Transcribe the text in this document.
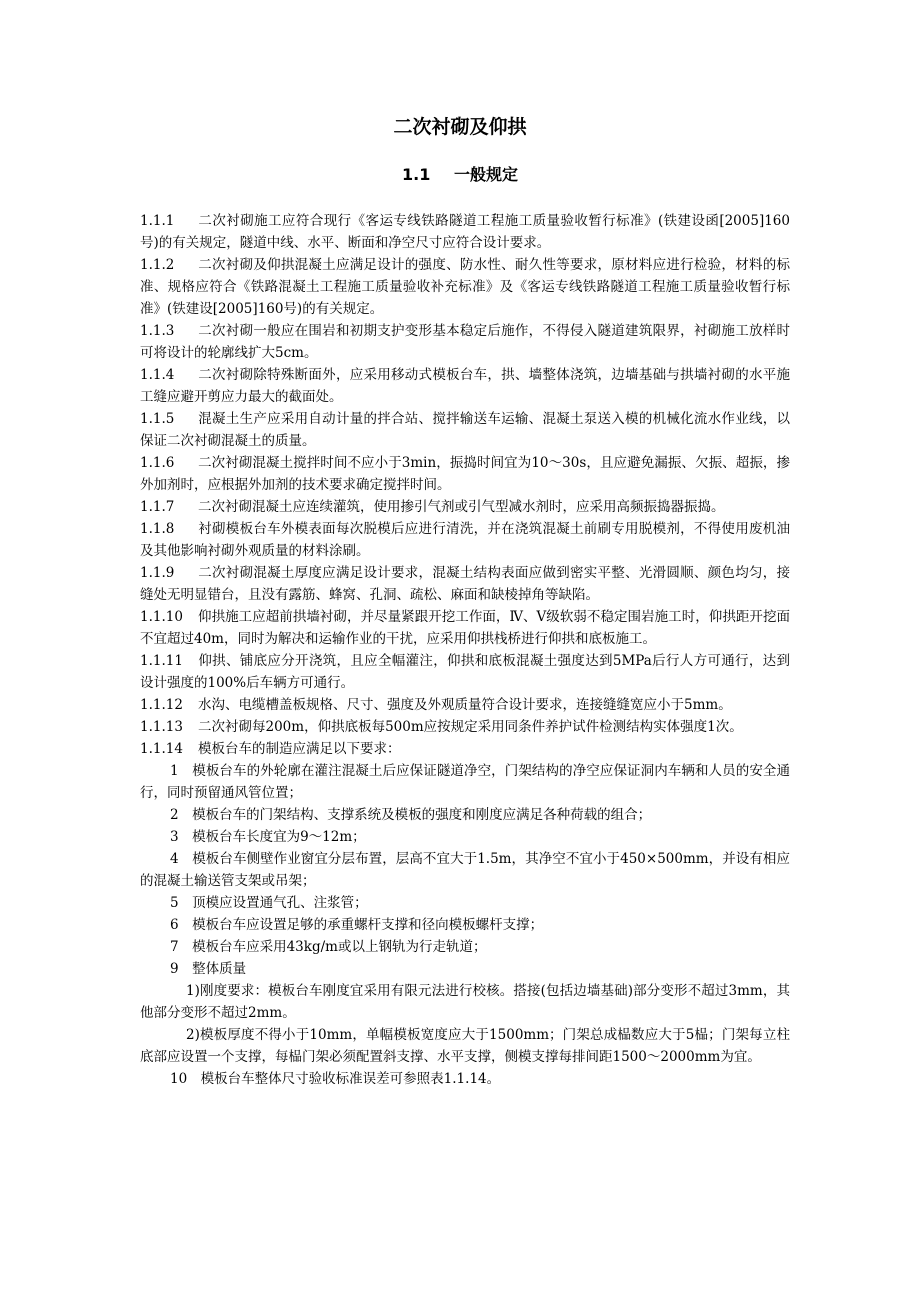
二次衬砌及仰拱
1.1 一般规定

1.1.1 二次衬砌施工应符合现行《客运专线铁路隧道工程施工质量验收暂行标准》(铁建设函[2005]160号)的有关规定，隧道中线、水平、断面和净空尺寸应符合设计要求。

1.1.2 二次衬砌及仰拱混凝土应满足设计的强度、防水性、耐久性等要求，原材料应进行检验，材料的标准、规格应符合《铁路混凝土工程施工质量验收补充标准》及《客运专线铁路隧道工程施工质量验收暂行标准》(铁建设[2005]160号)的有关规定。

1.1.3 二次衬砌一般应在围岩和初期支护变形基本稳定后施作，不得侵入隧道建筑限界，衬砌施工放样时可将设计的轮廓线扩大5cm。

1.1.4 二次衬砌除特殊断面外，应采用移动式模板台车，拱、墙整体浇筑，边墙基础与拱墙衬砌的水平施工缝应避开剪应力最大的截面处。

1.1.5 混凝土生产应采用自动计量的拌合站、搅拌输送车运输、混凝土泵送入模的机械化流水作业线，以保证二次衬砌混凝土的质量。

1.1.6 二次衬砌混凝土搅拌时间不应小于3min，振捣时间宜为10～30s，且应避免漏振、欠振、超振，掺外加剂时，应根据外加剂的技术要求确定搅拌时间。

1.1.7 二次衬砌混凝土应连续灌筑，使用掺引气剂或引气型减水剂时，应采用高频振捣器振捣。

1.1.8 衬砌模板台车外模表面每次脱模后应进行清洗，并在浇筑混凝土前刷专用脱模剂，不得使用废机油及其他影响衬砌外观质量的材料涂刷。

1.1.9 二次衬砌混凝土厚度应满足设计要求，混凝土结构表面应做到密实平整、光滑圆顺、颜色均匀，接缝处无明显错台，且没有露筋、蜂窝、孔洞、疏松、麻面和缺棱掉角等缺陷。

1.1.10 仰拱施工应超前拱墙衬砌，并尽量紧跟开挖工作面，Ⅳ、Ⅴ级软弱不稳定围岩施工时，仰拱距开挖面不宜超过40m，同时为解决和运输作业的干扰，应采用仰拱栈桥进行仰拱和底板施工。

1.1.11 仰拱、铺底应分开浇筑，且应全幅灌注，仰拱和底板混凝土强度达到5MPa后行人方可通行，达到设计强度的100%后车辆方可通行。

1.1.12 水沟、电缆槽盖板规格、尺寸、强度及外观质量符合设计要求，连接缝缝宽应小于5mm。

1.1.13 二次衬砌每200m，仰拱底板每500m应按规定采用同条件养护试件检测结构实体强度1次。

1.1.14 模板台车的制造应满足以下要求：

1　模板台车的外轮廓在灌注混凝土后应保证隧道净空，门架结构的净空应保证洞内车辆和人员的安全通行，同时预留通风管位置；

2　模板台车的门架结构、支撑系统及模板的强度和刚度应满足各种荷载的组合；

3　模板台车长度宜为9～12m；

4　模板台车侧壁作业窗宜分层布置，层高不宜大于1.5m，其净空不宜小于450×500mm，并设有相应的混凝土输送管支架或吊架；

5　顶模应设置通气孔、注浆管；

6　模板台车应设置足够的承重螺杆支撑和径向模板螺杆支撑；

7　模板台车应采用43kg/m或以上钢轨为行走轨道；

9　整体质量

1)刚度要求：模板台车刚度宜采用有限元法进行校核。搭接(包括边墙基础)部分变形不超过3mm，其他部分变形不超过2mm。

2)模板厚度不得小于10mm，单幅模板宽度应大于1500mm；门架总成榀数应大于5榀；门架每立柱底部应设置一个支撑，每榀门架必须配置斜支撑、水平支撑，侧模支撑每排间距1500～2000mm为宜。

10　模板台车整体尺寸验收标准误差可参照表1.1.14。
